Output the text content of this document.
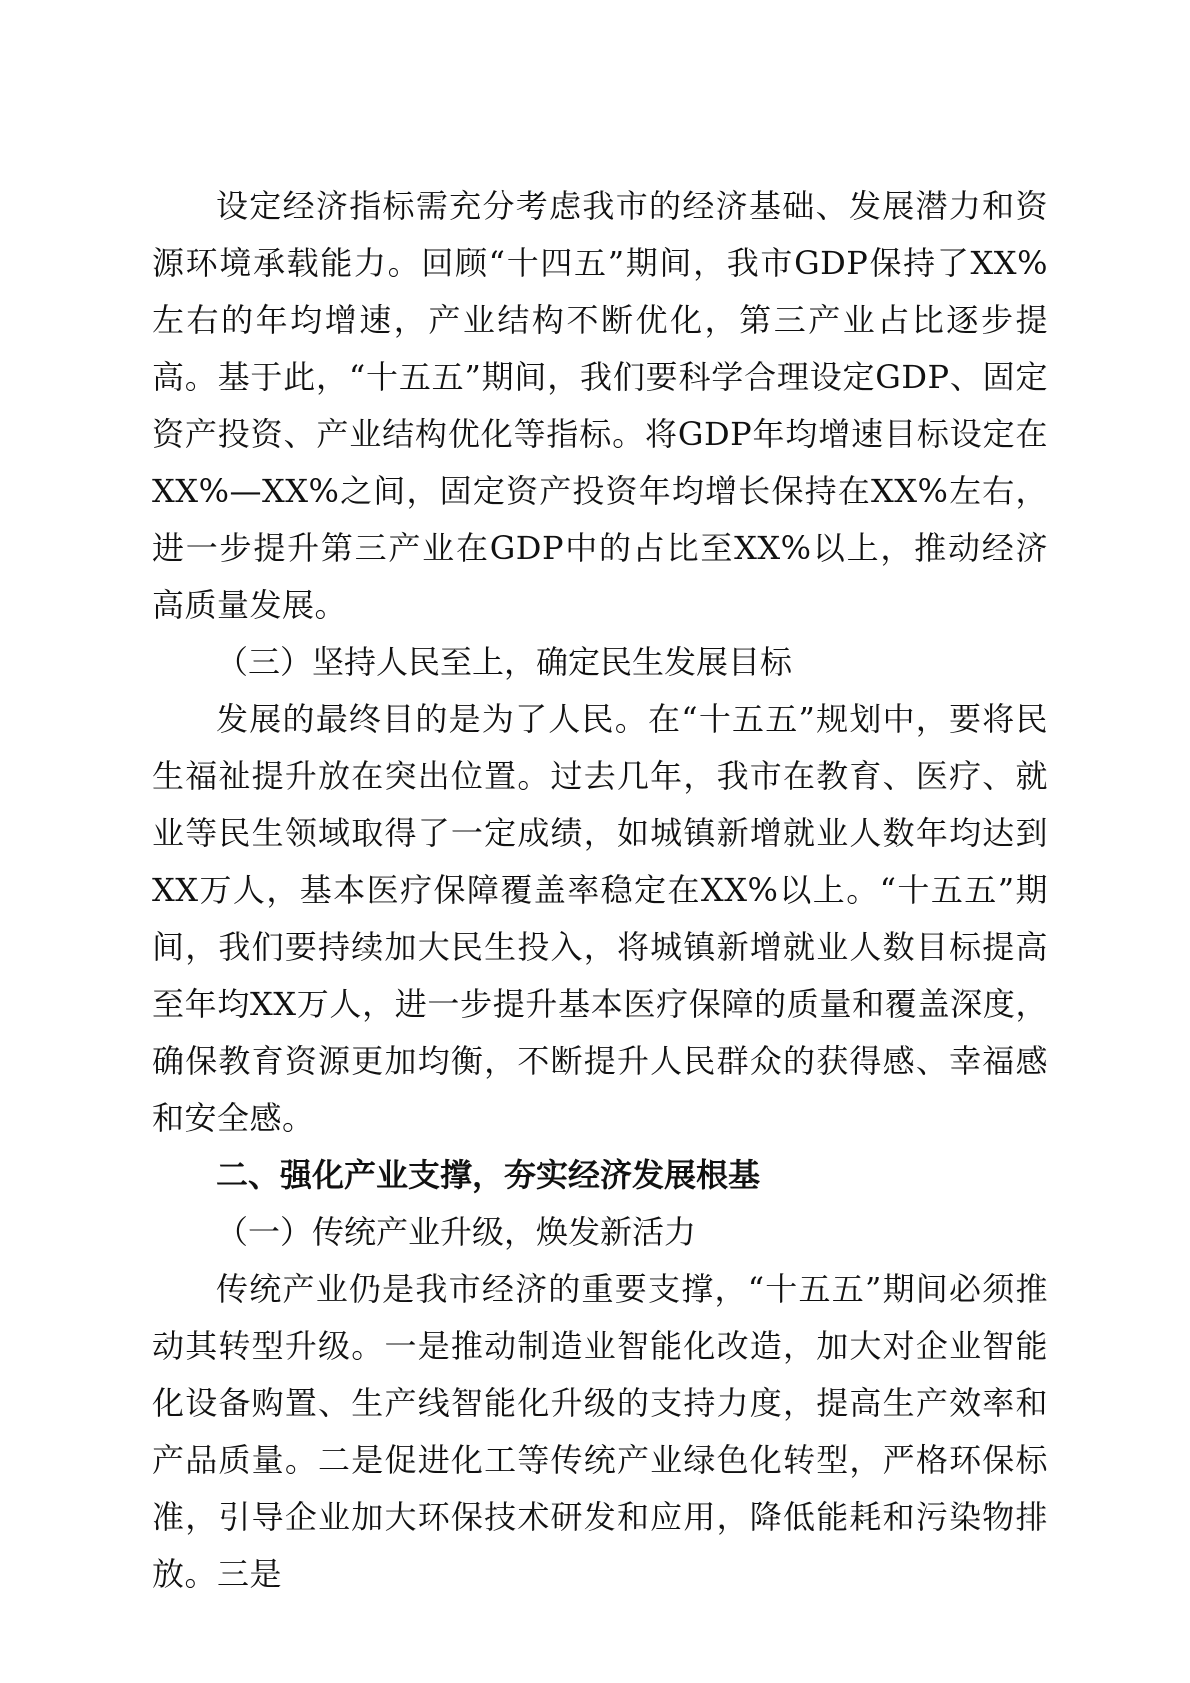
设定经济指标需充分考虑我市的经济基础、发展潜力和资源环境承载能力。回顾“十四五”期间，我市GDP保持了XX%左右的年均增速，产业结构不断优化，第三产业占比逐步提高。基于此，“十五五”期间，我们要科学合理设定GDP、固定资产投资、产业结构优化等指标。将GDP年均增速目标设定在XX%—XX%之间，固定资产投资年均增长保持在XX%左右，进一步提升第三产业在GDP中的占比至XX%以上，推动经济高质量发展。

（三）坚持人民至上，确定民生发展目标

发展的最终目的是为了人民。在“十五五”规划中，要将民生福祉提升放在突出位置。过去几年，我市在教育、医疗、就业等民生领域取得了一定成绩，如城镇新增就业人数年均达到XX万人，基本医疗保障覆盖率稳定在XX%以上。“十五五”期间，我们要持续加大民生投入，将城镇新增就业人数目标提高至年均XX万人，进一步提升基本医疗保障的质量和覆盖深度，确保教育资源更加均衡，不断提升人民群众的获得感、幸福感和安全感。

二、强化产业支撑，夯实经济发展根基

（一）传统产业升级，焕发新活力

传统产业仍是我市经济的重要支撑，“十五五”期间必须推动其转型升级。一是推动制造业智能化改造，加大对企业智能化设备购置、生产线智能化升级的支持力度，提高生产效率和产品质量。二是促进化工等传统产业绿色化转型，严格环保标准，引导企业加大环保技术研发和应用，降低能耗和污染物排放。三是
